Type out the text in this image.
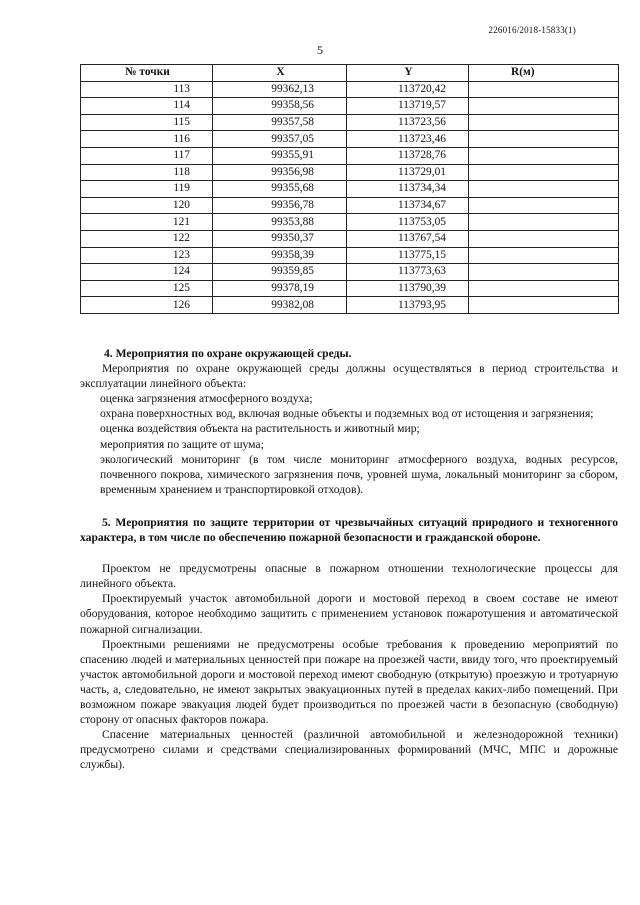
226016/2018-15833(1)
5
№ точки	X	Y	R(м)
113	99362,13	113720,42	
114	99358,56	113719,57	
115	99357,58	113723,56	
116	99357,05	113723,46	
117	99355,91	113728,76	
118	99356,98	113729,01	
119	99355,68	113734,34	
120	99356,78	113734,67	
121	99353,88	113753,05	
122	99350,37	113767,54	
123	99358,39	113775,15	
124	99359,85	113773,63	
125	99378,19	113790,39	
126	99382,08	113793,95	

4. Мероприятия по охране окружающей среды.

Мероприятия по охране окружающей среды должны осуществляться в период строительства и эксплуатации линейного объекта:

оценка загрязнения атмосферного воздуха;

охрана поверхностных вод, включая водные объекты и подземных вод от истощения и загрязнения;

оценка воздействия объекта на растительность и животный мир;

мероприятия по защите от шума;

экологический мониторинг (в том числе мониторинг атмосферного воздуха, водных ресурсов, почвенного покрова, химического загрязнения почв, уровней шума, локальный мониторинг за сбором, временным хранением и транспортировкой отходов).

5. Мероприятия по защите территории от чрезвычайных ситуаций природного и техногенного характера, в том числе по обеспечению пожарной безопасности и гражданской обороне.

Проектом не предусмотрены опасные в пожарном отношении технологические процессы для линейного объекта.

Проектируемый участок автомобильной дороги и мостовой переход в своем составе не имеют оборудования, которое необходимо защитить с применением установок пожаротушения и автоматической пожарной сигнализации.

Проектными решениями не предусмотрены особые требования к проведению мероприятий по спасению людей и материальных ценностей при пожаре на проезжей части, ввиду того, что проектируемый участок автомобильной дороги и мостовой переход имеют свободную (открытую) проезжую и тротуарную часть, а, следовательно, не имеют закрытых эвакуационных путей в пределах каких-либо помещений. При возможном пожаре эвакуация людей будет производиться по проезжей части в безопасную (свободную) сторону от опасных факторов пожара.

Спасение материальных ценностей (различной автомобильной и железнодорожной техники) предусмотрено силами и средствами специализированных формирований (МЧС, МПС и дорожные службы).
